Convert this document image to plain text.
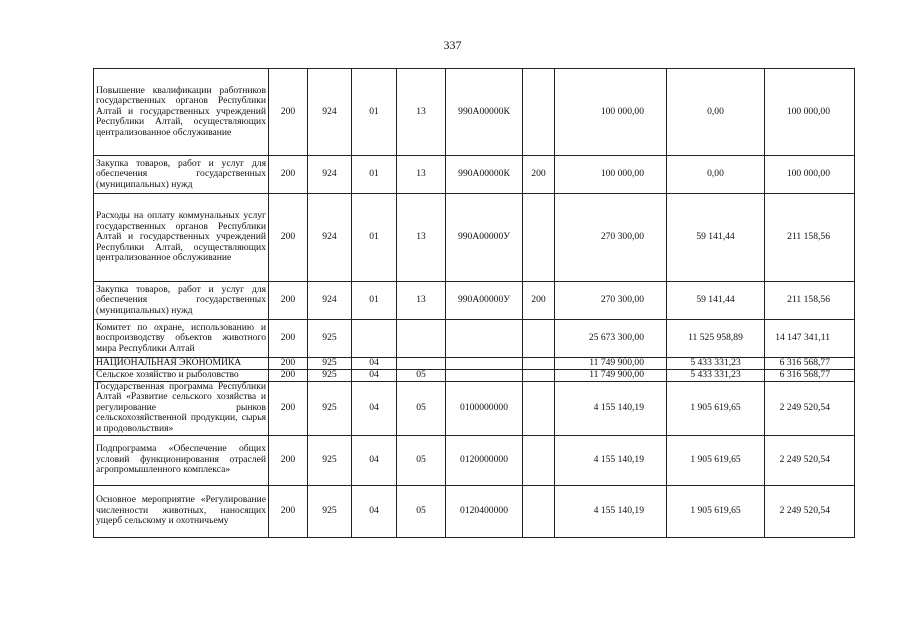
337
Повышение квалификации работников государственных органов Республики Алтай и государственных учреждений Республики Алтай, осуществляющих централизованное обслуживание	200	924	01	13	990А00000К		100 000,00	0,00	100 000,00
Закупка товаров, работ и услуг для обеспечения государственных (муниципальных) нужд	200	924	01	13	990А00000К	200	100 000,00	0,00	100 000,00
Расходы на оплату коммунальных услуг государственных органов Республики Алтай и государственных учреждений Республики Алтай, осуществляющих централизованное обслуживание	200	924	01	13	990А00000У		270 300,00	59 141,44	211 158,56
Закупка товаров, работ и услуг для обеспечения государственных (муниципальных) нужд	200	924	01	13	990А00000У	200	270 300,00	59 141,44	211 158,56
Комитет по охране, использованию и воспроизводству объектов животного мира Республики Алтай	200	925					25 673 300,00	11 525 958,89	14 147 341,11
НАЦИОНАЛЬНАЯ ЭКОНОМИКА	200	925	04				11 749 900,00	5 433 331,23	6 316 568,77
Сельское хозяйство и рыболовство	200	925	04	05			11 749 900,00	5 433 331,23	6 316 568,77
Государственная программа Республики Алтай «Развитие сельского хозяйства и регулирование рынков сельскохозяйственной продукции, сырья и продовольствия»	200	925	04	05	0100000000		4 155 140,19	1 905 619,65	2 249 520,54
Подпрограмма «Обеспечение общих условий функционирования отраслей агропромышленного комплекса»	200	925	04	05	0120000000		4 155 140,19	1 905 619,65	2 249 520,54
Основное мероприятие «Регулирование численности животных, наносящих ущерб сельскому и охотничьему	200	925	04	05	0120400000		4 155 140,19	1 905 619,65	2 249 520,54
